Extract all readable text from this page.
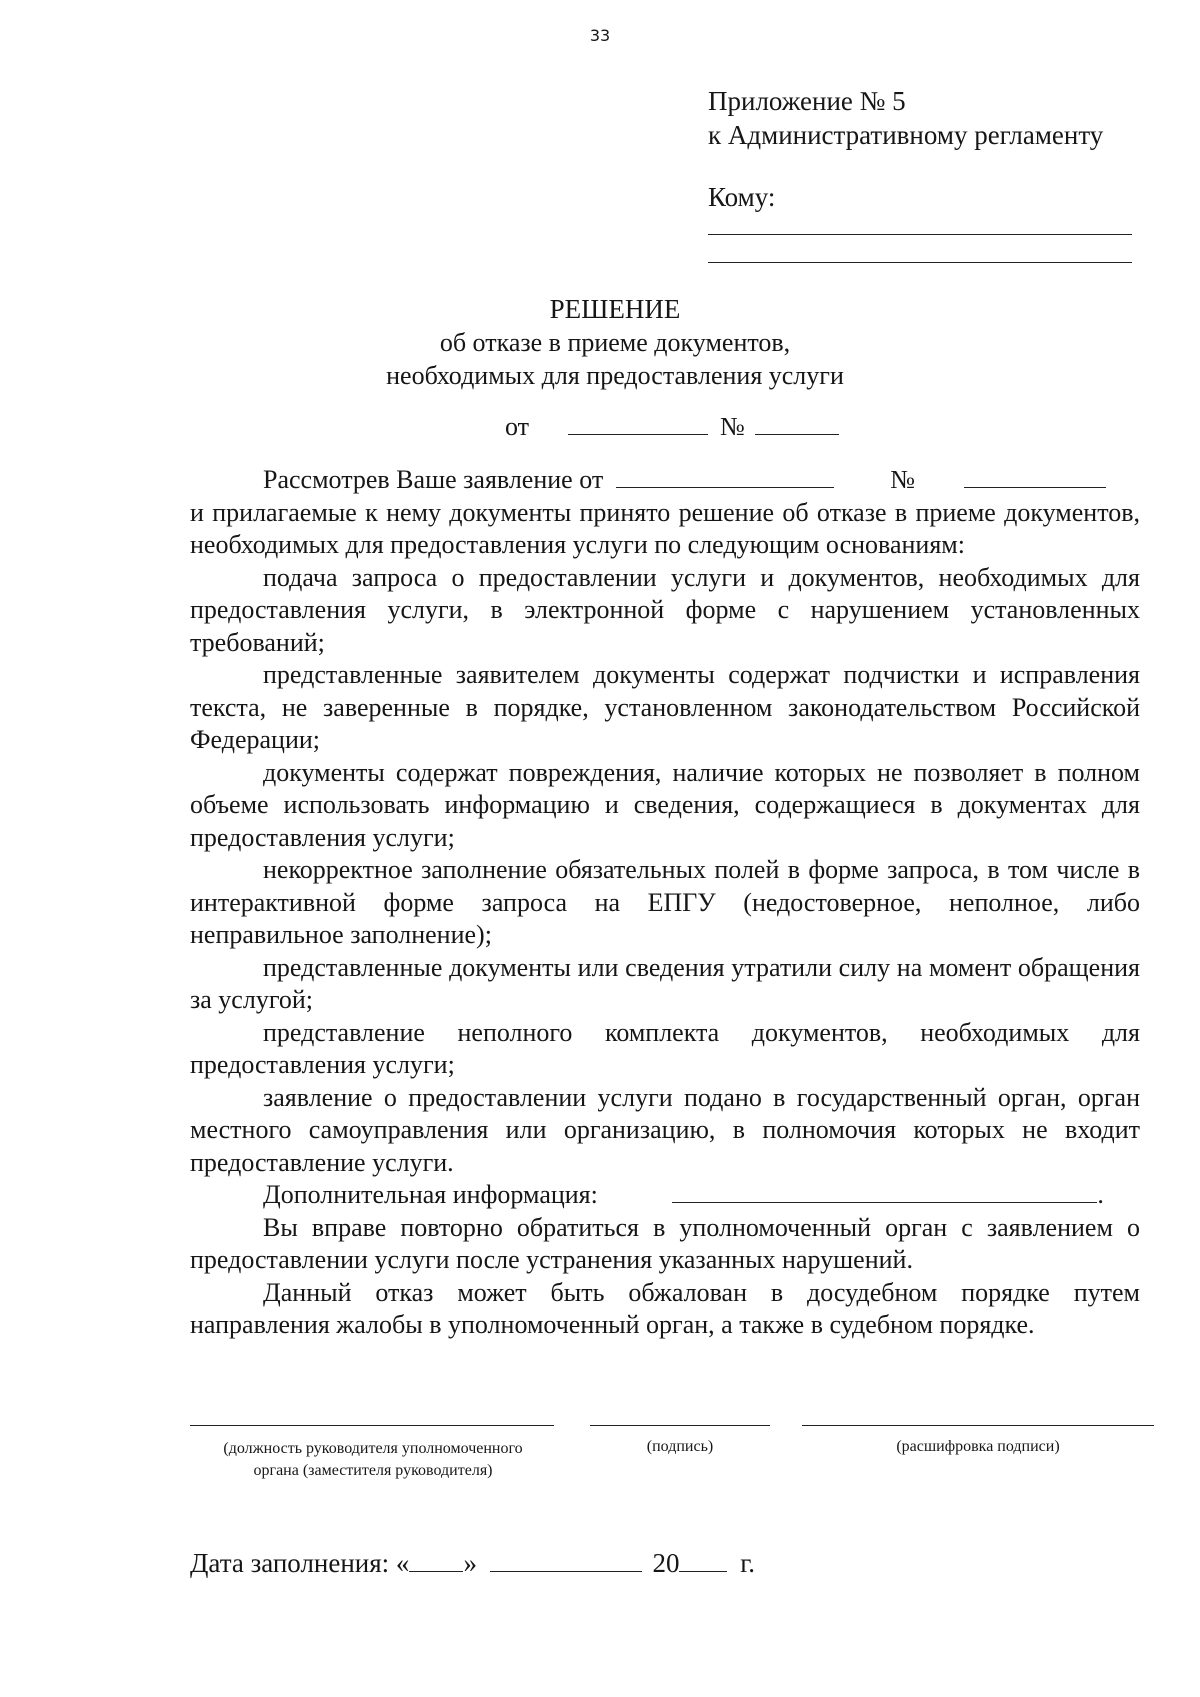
33
Приложение № 5
к Административному регламенту
Кому:
РЕШЕНИЕ
об отказе в приеме документов,
необходимых для предоставления услуги
от	№
Рассмотрев Ваше заявление от	№

и прилагаемые к нему документы принято решение об отказе в приеме документов, необходимых для предоставления услуги по следующим основаниям:

подача запроса о предоставлении услуги и документов, необходимых для предоставления услуги, в электронной форме с нарушением установленных требований;

представленные заявителем документы содержат подчистки и исправления текста, не заверенные в порядке, установленном законодательством Российской Федерации;

документы содержат повреждения, наличие которых не позволяет в полном объеме использовать информацию и сведения, содержащиеся в документах для предоставления услуги;

некорректное заполнение обязательных полей в форме запроса, в том числе в интерактивной форме запроса на ЕПГУ (недостоверное, неполное, либо неправильное заполнение);

представленные документы или сведения утратили силу на момент обращения за услугой;

представление неполного комплекта документов, необходимых для предоставления услуги;

заявление о предоставлении услуги подано в государственный орган, орган местного самоуправления или организацию, в полномочия которых не входит предоставление услуги.

Дополнительная информация:	.

Вы вправе повторно обратиться в уполномоченный орган с заявлением о предоставлении услуги после устранения указанных нарушений.

Данный отказ может быть обжалован в досудебном порядке путем направления жалобы в уполномоченный орган, а также в судебном порядке.

(должность руководителя уполномоченного органа (заместителя руководителя)
(подпись)	(расшифровка подписи)
Дата заполнения: « »	20 г.
